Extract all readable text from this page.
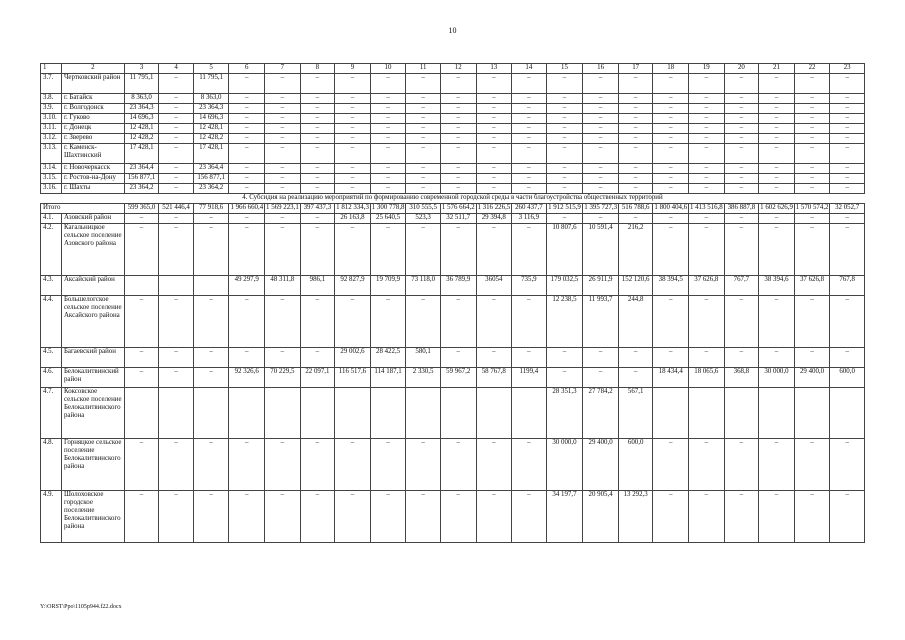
10
1	2	3	4	5	6	7	8	9	10	11	12	13	14	15	16	17	18	19	20	21	22	23
3.7.	Чертковский район	11 795,1	–	11 795,1	–	–	–	–	–	–	–	–	–	–	–	–	–	–	–	–	–	–
3.8.	г. Батайск	8 363,0	–	8 363,0	–	–	–	–	–	–	–	–	–	–	–	–	–	–	–	–	–	–
3.9.	г. Волгодонск	23 364,3	–	23 364,3	–	–	–	–	–	–	–	–	–	–	–	–	–	–	–	–	–	–
3.10.	г. Гуково	14 696,3	–	14 696,3	–	–	–	–	–	–	–	–	–	–	–	–	–	–	–	–	–	–
3.11.	г. Донецк	12 428,1	–	12 428,1	–	–	–	–	–	–	–	–	–	–	–	–	–	–	–	–	–	–
3.12.	г. Зверево	12 428,2	–	12 428,2	–	–	–	–	–	–	–	–	–	–	–	–	–	–	–	–	–	–
3.13.	г. Каменск-Шахтинский	17 428,1	–	17 428,1	–	–	–	–	–	–	–	–	–	–	–	–	–	–	–	–	–	–
3.14.	г. Новочеркасск	23 364,4	–	23 364,4	–	–	–	–	–	–	–	–	–	–	–	–	–	–	–	–	–	–
3.15.	г. Ростов-на-Дону	156 877,1	–	156 877,1	–	–	–	–	–	–	–	–	–	–	–	–	–	–	–	–	–	–
3.16.	г. Шахты	23 364,2	–	23 364,2	–	–	–	–	–	–	–	–	–	–	–	–	–	–	–	–	–	–
4. Субсидия на реализацию мероприятий по формированию современной городской среды в части благоустройства общественных территорий																						
Итого		599 365,0	521 446,4	77 918,6	1 966 660,4	1 569 223,1	397 437,3	1 812 334,3	1 300 778,8	310 555,5	1 576 664,2	1 316 226,5	260 437,7	1 912 515,9	1 395 727,3	516 788,6	1 800 404,6	1 413 516,8	386 887,8	1 602 626,9	1 570 574,2	32 052,7
4.1.	Азовский район	–	–	–	–	–	–	26 163,8	25 640,5	523,3	32 511,7	29 394,8	3 116,9	–	–	–	–	–	–	–	–	–
4.2.	Кагальницкое сельское поселение Азовского района	–	–	–	–	–	–	–	–	–	–	–	–	10 807,6	10 591,4	216,2	–	–	–	–	–	–
4.3.	Аксайский район				49 297,9	48 311,8	986,1	92 827,9	19 709,9	73 118,0	36 789,9	36054	735,9	179 032,5	26 911,9	152 120,6	38 394,5	37 626,8	767,7	38 394,6	37 626,8	767,8
4.4.	Большелогское сельское поселение Аксайского района	–	–	–	–	–	–	–	–	–	–	–	–	12 238,5	11 993,7	244,8	–	–	–	–	–	–
4.5.	Багаевский район	–	–	–	–	–	–	29 002,6	28 422,5	580,1	–	–	–	–	–	–	–	–	–	–	–	–
4.6.	Белокалитвинский район	–	–	–	92 326,6	70 229,5	22 097,1	116 517,6	114 187,1	2 330,5	59 967,2	58 767,8	1199,4	–	–	–	18 434,4	18 065,6	368,8	30 000,0	29 400,0	600,0
4.7.	Коксовское сельское поселение Белокалитвинского района													28 351,3	27 784,2	567,1						
4.8.	Горняцкое сельское поселение Белокалитвинского района	–	–	–	–	–	–	–	–	–	–	–	–	30 000,0	29 400,0	600,0	–	–	–	–	–	–
4.9.	Шолоховское городское поселение Белокалитвинского района	–	–	–	–	–	–	–	–	–	–	–	–	34 197,7	20 905,4	13 292,3	–	–	–	–	–	–
Y:\ORST\Ppo\1105p944.f22.docx
